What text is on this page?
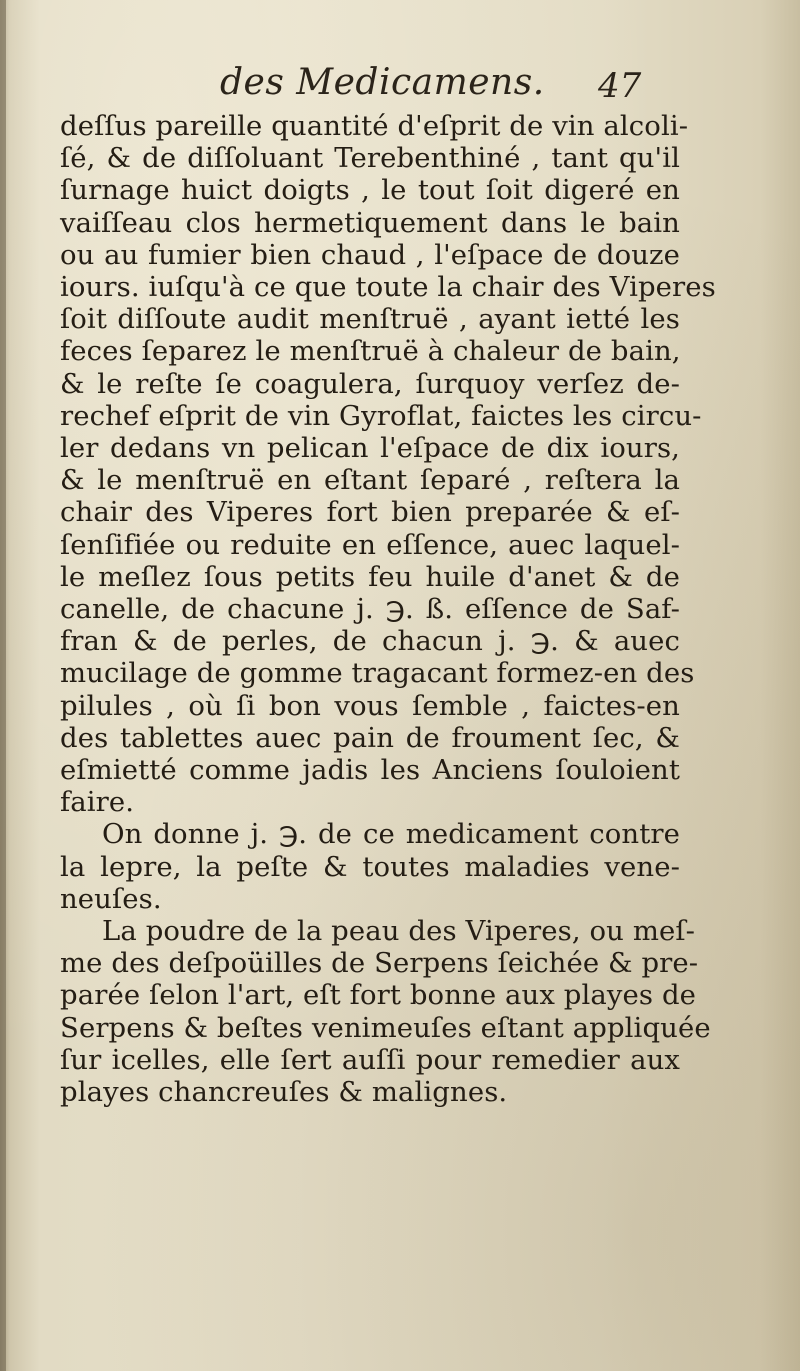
des Medicamens. 47
deſſus pareille quantité d'eſprit de vin alcoli-
ſé, & de diſſoluant Terebenthiné , tant qu'il
ſurnage huict doigts , le tout ſoit digeré en
vaiſſeau clos hermetiquement dans le bain
ou au fumier bien chaud , l'eſpace de douze
iours. iuſqu'à ce que toute la chair des Viperes
ſoit diſſoute audit menſtruë , ayant ietté les
feces ſeparez le menſtruë à chaleur de bain,
& le reſte ſe coagulera, ſurquoy verſez de-
rechef eſprit de vin Gyroflat, faictes les circu-
ler dedans vn pelican l'eſpace de dix iours,
& le menſtruë en eſtant ſeparé , reſtera la
chair des Viperes fort bien preparée & eſ-
ſenſifiée ou reduite en eſſence, auec laquel-
le meſlez ſous petits feu huile d'anet & de
canelle, de chacune j. ℈. ß. eſſence de Saf-
fran & de perles, de chacun j. ℈. & auec
mucilage de gomme tragacant formez-en des
pilules , où ſi bon vous ſemble , faictes-en
des tablettes auec pain de froument ſec, &
eſmietté comme jadis les Anciens ſouloient
faire.
On donne j. ℈. de ce medicament contre
la lepre, la peſte & toutes maladies vene-
neuſes.
La poudre de la peau des Viperes, ou meſ-
me des deſpoüilles de Serpens ſeichée & pre-
parée ſelon l'art, eſt fort bonne aux playes de
Serpens & beſtes venimeuſes eſtant appliquée
ſur icelles, elle ſert auſſi pour remedier aux
playes chancreuſes & malignes.
